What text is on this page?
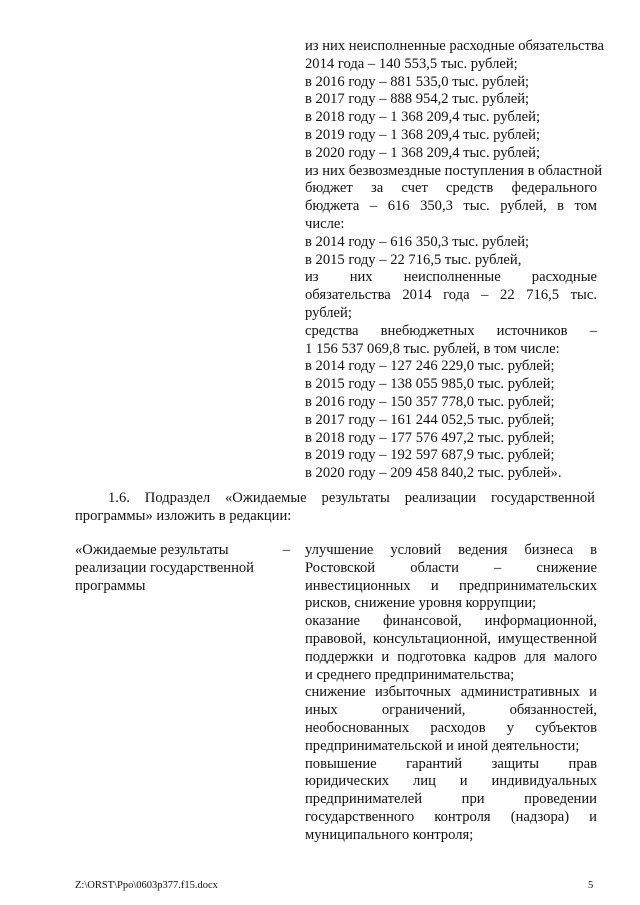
из них неисполненные расходные обязательства
2014 года – 140 553,5 тыс. рублей;
в 2016 году – 881 535,0 тыс. рублей;
в 2017 году – 888 954,2 тыс. рублей;
в 2018 году – 1 368 209,4 тыс. рублей;
в 2019 году – 1 368 209,4 тыс. рублей;
в 2020 году – 1 368 209,4 тыс. рублей;
из них безвозмездные поступления в областной
бюджет за счет средств федерального
бюджета – 616 350,3 тыс. рублей, в том
числе:
в 2014 году – 616 350,3 тыс. рублей;
в 2015 году – 22 716,5 тыс. рублей,
из них неисполненные расходные
обязательства 2014 года – 22 716,5 тыс.
рублей;
средства внебюджетных источников –
1 156 537 069,8 тыс. рублей, в том числе:
в 2014 году – 127 246 229,0 тыс. рублей;
в 2015 году – 138 055 985,0 тыс. рублей;
в 2016 году – 150 357 778,0 тыс. рублей;
в 2017 году – 161 244 052,5 тыс. рублей;
в 2018 году – 177 576 497,2 тыс. рублей;
в 2019 году – 192 597 687,9 тыс. рублей;
в 2020 году – 209 458 840,2 тыс. рублей».
1.6. Подраздел «Ожидаемые результаты реализации государственной
программы» изложить в редакции:
«Ожидаемые результаты	–
реализации государственной
программы
улучшение условий ведения бизнеса в
Ростовской области – снижение
инвестиционных и предпринимательских
рисков, снижение уровня коррупции;
оказание финансовой, информационной,
правовой, консультационной, имущественной
поддержки и подготовка кадров для малого
и среднего предпринимательства;
снижение избыточных административных и
иных ограничений, обязанностей,
необоснованных расходов у субъектов
предпринимательской и иной деятельности;
повышение гарантий защиты прав
юридических лиц и индивидуальных
предпринимателей при проведении
государственного контроля (надзора) и
муниципального контроля;
Z:\ORST\Ppo\0603p377.f15.docx	5
